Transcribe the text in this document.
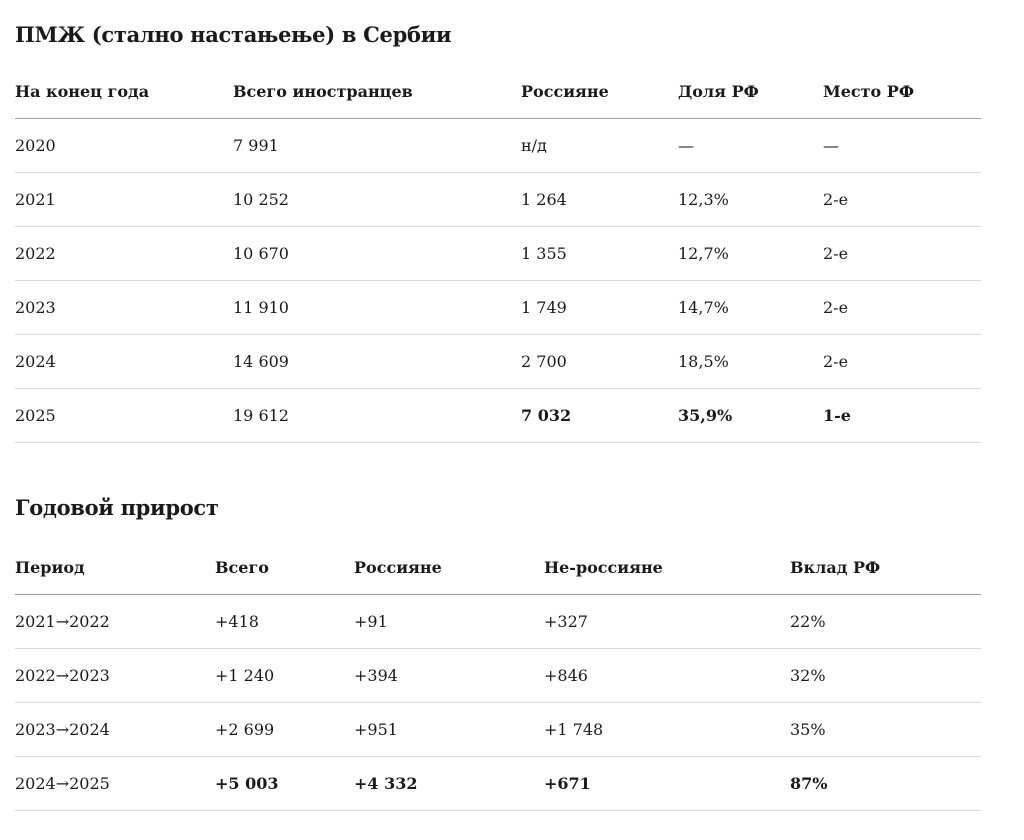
ПМЖ (стално настањење) в Сербии
На конец года	Всего иностранцев	Россияне	Доля РФ	Место РФ
2020	7 991	н/д	—	—
2021	10 252	1 264	12,3%	2-е
2022	10 670	1 355	12,7%	2-е
2023	11 910	1 749	14,7%	2-е
2024	14 609	2 700	18,5%	2-е
2025	19 612	7 032	35,9%	1-е
Годовой прирост
Период	Всего	Россияне	Не-россияне	Вклад РФ
2021→2022	+418	+91	+327	22%
2022→2023	+1 240	+394	+846	32%
2023→2024	+2 699	+951	+1 748	35%
2024→2025	+5 003	+4 332	+671	87%
